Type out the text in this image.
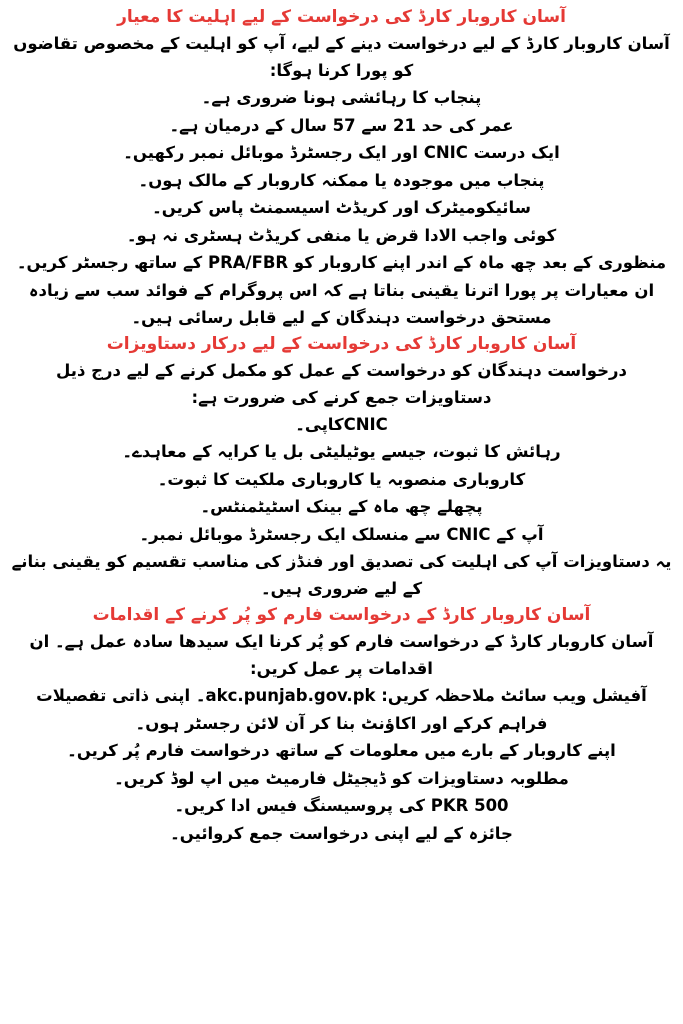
آسان کاروبار کارڈ کی درخواست کے لیے اہلیت کا معیار

آسان کاروبار کارڈ کے لیے درخواست دینے کے لیے، آپ کو اہلیت کے مخصوص تقاضوں کو پورا کرنا ہوگا:

پنجاب کا رہائشی ہونا ضروری ہے۔
عمر کی حد 21 سے 57 سال کے درمیان ہے۔
ایک درست CNIC اور ایک رجسٹرڈ موبائل نمبر رکھیں۔
پنجاب میں موجودہ یا ممکنہ کاروبار کے مالک ہوں۔
سائیکومیٹرک اور کریڈٹ اسیسمنٹ پاس کریں۔
کوئی واجب الادا قرض یا منفی کریڈٹ ہسٹری نہ ہو۔
منظوری کے بعد چھ ماہ کے اندر اپنے کاروبار کو PRA/FBR کے ساتھ رجسٹر کریں۔

ان معیارات پر پورا اترنا یقینی بناتا ہے کہ اس پروگرام کے فوائد سب سے زیادہ مستحق درخواست دہندگان کے لیے قابل رسائی ہیں۔

آسان کاروبار کارڈ کی درخواست کے لیے درکار دستاویزات

درخواست دہندگان کو درخواست کے عمل کو مکمل کرنے کے لیے درج ذیل دستاویزات جمع کرنے کی ضرورت ہے:

CNICکاپی۔
رہائش کا ثبوت، جیسے یوٹیلیٹی بل یا کرایہ کے معاہدے۔
کاروباری منصوبہ یا کاروباری ملکیت کا ثبوت۔
پچھلے چھ ماہ کے بینک اسٹیٹمنٹس۔
آپ کے CNIC سے منسلک ایک رجسٹرڈ موبائل نمبر۔

یہ دستاویزات آپ کی اہلیت کی تصدیق اور فنڈز کی مناسب تقسیم کو یقینی بنانے کے لیے ضروری ہیں۔

آسان کاروبار کارڈ کے درخواست فارم کو پُر کرنے کے اقدامات

آسان کاروبار کارڈ کے درخواست فارم کو پُر کرنا ایک سیدھا سادہ عمل ہے۔ ان اقدامات پر عمل کریں:

آفیشل ویب سائٹ ملاحظہ کریں: akc.punjab.gov.pk۔ اپنی ذاتی تفصیلات فراہم کرکے اور اکاؤنٹ بنا کر آن لائن رجسٹر ہوں۔
اپنے کاروبار کے بارے میں معلومات کے ساتھ درخواست فارم پُر کریں۔
مطلوبہ دستاویزات کو ڈیجیٹل فارمیٹ میں اپ لوڈ کریں۔
PKR 500 کی پروسیسنگ فیس ادا کریں۔
جائزہ کے لیے اپنی درخواست جمع کروائیں۔
